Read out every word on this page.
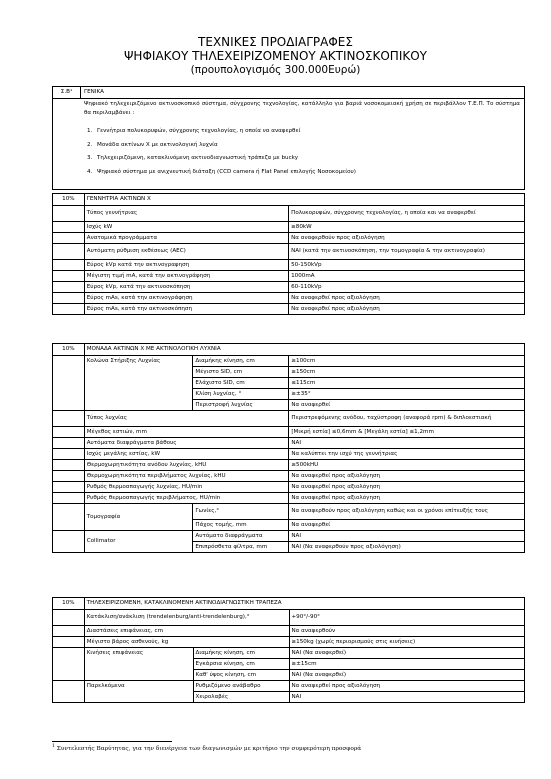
ΤΕΧΝΙΚΕΣ ΠΡΟΔΙΑΓΡΑΦΕΣ
ΨΗΦΙΑΚΟΥ ΤΗΛΕΧΕΙΡΙΖΟΜΕΝΟΥ ΑΚΤΙΝΟΣΚΟΠΙΚΟΥ
(προυπολογισμός 300.000Ευρώ)
Σ.Β¹	ΓΕΝΙΚΑ
Ψηφιακό τηλεχειριζόμενο ακτινοσκοπικό σύστημα, σύγχρονης τεχνολογίας, κατάλληλο για βαριά νοσοκομειακή χρήση σε περιβάλλον Τ.Ε.Π. Το σύστημα θα περιλαμβάνει :
1. Γεννήτρια πολυκορυφών, σύγχρονης τεχνολογίας, η οποία να αναφερθεί
2. Μονάδα ακτίνων Χ με ακτινολογική λυχνία
3. Τηλεχειριζόμενη, κατακλινόμενη ακτινοδιαγνωστική τράπεζα με bucky
4. Ψηφιακό σύστημα με ανιχνευτική διάταξη (CCD camera ή Flat Panel επιλογής Νοσοκομείου)
10%	ΓΕΝΝΗΤΡΙΑ ΑΚΤΙΝΩΝ Χ	
	Τύπος γεννήτριας	Πολυκορυφών, σύγχρονης τεχνολογίας, η οποία και να αναφερθεί
	Ισχύς kW	≥80kW
	Ανατομικά προγράμματα	Να αναφερθούν προς αξιολόγηση
	Αυτόματη ρύθμιση εκθέσεως (AEC)	ΝΑΙ (κατά την ακτινοσκόπηση, την τομογραφία & την ακτινογραφία)
	Εύρος kVp κατά την ακτινογραφηση	50-150kVp
	Μέγιστη τιμή mA, κατά την ακτινογράφηση	1000mA
	Εύρος kVp, κατά την ακτινοσκόπηση	60-110kVp
	Εύρος mAs, κατά την ακτινογράφηση	Να αναφερθεί προς αξιολόγηση
	Εύρος mAs, κατά την ακτινοσκόπηση	Να αναφερθεί προς αξιολόγηση
10%	ΜΟΝΑΔΑ ΑΚΤΙΝΩΝ Χ ΜΕ ΑΚΤΙΝΟΛΟΓΙΚΗ ΛΥΧΝΙΑ		
	Κολώνα Στήριξης Λυχνίας	Διαμήκης κίνηση, cm	≥100cm
		Μέγιστο SID, cm	≥150cm
		Ελάχιστο SID, cm	≤115cm
		Κλίση λυχνίας, °	≥±35°
		Περιστροφή λυχνίας	Να αναφερθεί
	Τύπος λυχνίας		Περιστρεφόμενης ανόδου, ταχύστροφη (αναφορά rpm) & διπλοεστιακή
	Μέγεθος εστιών, mm		[Μικρή εστία] ≤0,6mm & [Μεγάλη εστία] ≤1,2mm
	Αυτόματα διαφράγματα βάθους		ΝΑΙ
	Ισχύς μεγάλης εστίας, kW		Να καλύπτει την ισχύ της γεννήτριας
	Θερμοχωρητικότητα ανόδου λυχνίας, kHU		≥500kHU
	Θερμοχωρητικότητα περιβλήματος λυχνίας, kHU		Να αναφερθεί προς αξιολόγηση
	Ρυθμός θερμοαπαγωγής λυχνίας, HU/min		Να αναφερθεί προς αξιολόγηση
	Ρυθμός θερμοαπαγωγής περιβλήματος, HU/min		Να αναφερθεί προς αξιολόγηση
	Τομογραφία	Γωνίες,°	Να αναφερθούν προς αξιολόγηση καθώς και οι χρόνοι επίτευξής τους
		Πάχος τομής, mm	Να αναφερθεί
	Collimator	Αυτόματο διαφράγματα	ΝΑΙ
		Επιπρόσθετα φίλτρα, mm	ΝΑΙ (Να αναφερθούν προς αξιολόγηση)
10%	ΤΗΛΕΧΕΙΡΙΖΟΜΕΝΗ, ΚΑΤΑΚΛΙΝΟΜΕΝΗ ΑΚΤΙΝΟΔΙΑΓΝΩΣΤΙΚΗ ΤΡΑΠΕΖΑ		
	Κατάκλιση/ανάκλιση (trendelenburg/anti-trendelenburg),°		+90°/-90°
	Διαστάσεις επιφάνειας, cm		Να αναφερθούν
	Μέγιστο βάρος ασθενούς, kg		≥150kg (χωρίς περιορισμούς στις κινήσεις)
	Κινήσεις επιφάνειας	Διαμήκης κίνηση, cm	ΝΑΙ (Να αναφερθεί)
		Εγκάρσια κίνηση, cm	≥±15cm
		Καθ' ύψος κίνηση, cm	ΝΑΙ (Να αναφερθεί)
	Παρελκόμενα	Ρυθμιζόμενο ανάβαθρο	Να αναφερθεί προς αξιολόγηση
		Χειρολαβές	ΝΑΙ
$^1$ Συντελεστής Βαρύτητας, για την διενέργεια των διαγωνισμών με κριτήριο την συμφερότερη προσφορά
